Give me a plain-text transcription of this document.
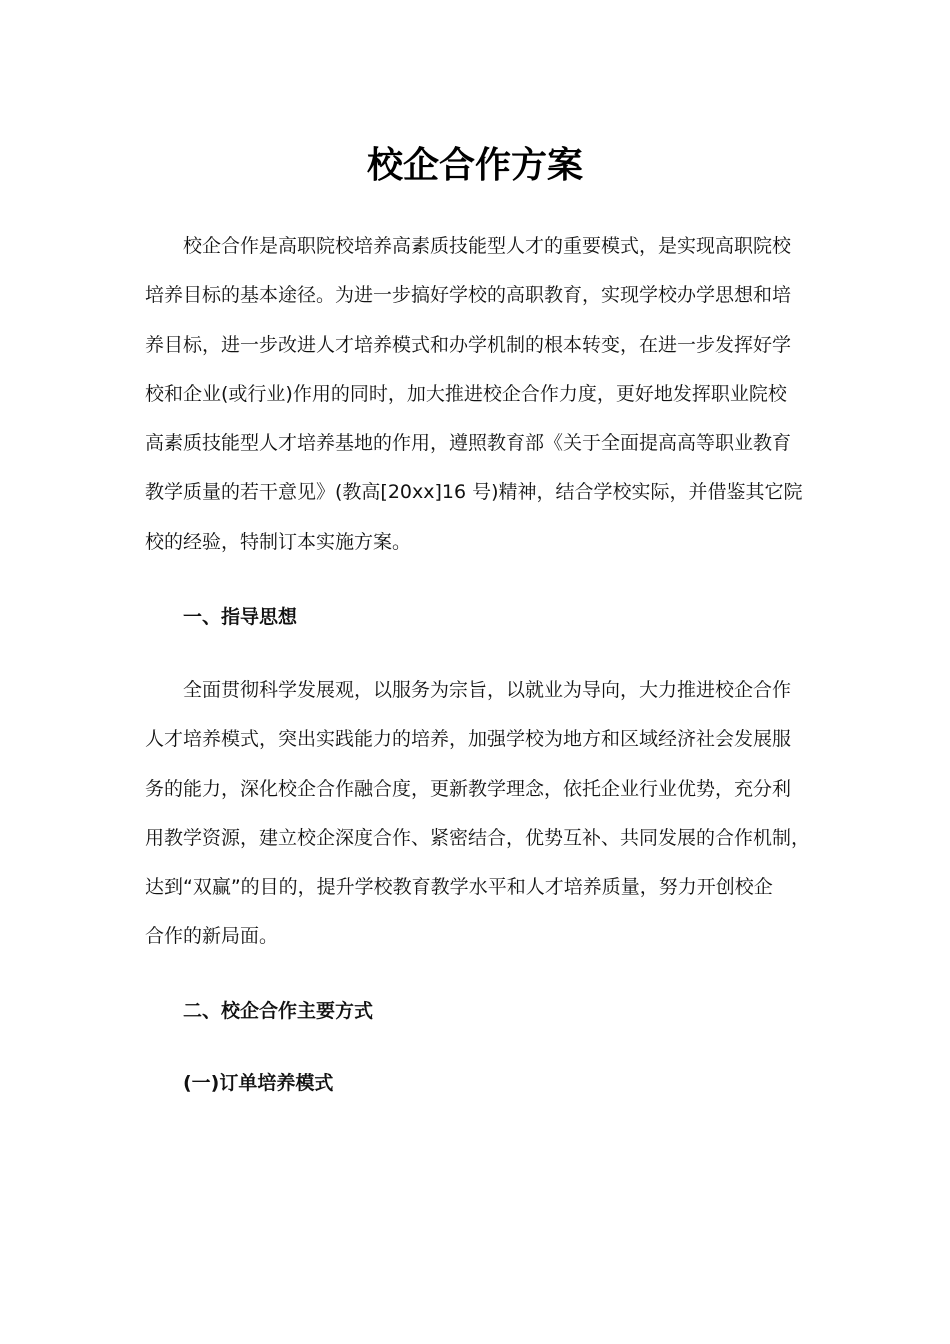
校企合作方案
校企合作是高职院校培养高素质技能型人才的重要模式，是实现高职院校
培养目标的基本途径。为进一步搞好学校的高职教育，实现学校办学思想和培
养目标，进一步改进人才培养模式和办学机制的根本转变，在进一步发挥好学
校和企业(或行业)作用的同时，加大推进校企合作力度，更好地发挥职业院校
高素质技能型人才培养基地的作用，遵照教育部《关于全面提高高等职业教育
教学质量的若干意见》(教高[20xx]16 号)精神，结合学校实际，并借鉴其它院
校的经验，特制订本实施方案。
一、指导思想
全面贯彻科学发展观，以服务为宗旨，以就业为导向，大力推进校企合作
人才培养模式，突出实践能力的培养，加强学校为地方和区域经济社会发展服
务的能力，深化校企合作融合度，更新教学理念，依托企业行业优势，充分利
用教学资源，建立校企深度合作、紧密结合，优势互补、共同发展的合作机制，
达到“双赢”的目的，提升学校教育教学水平和人才培养质量，努力开创校企
合作的新局面。
二、校企合作主要方式
(一)订单培养模式
